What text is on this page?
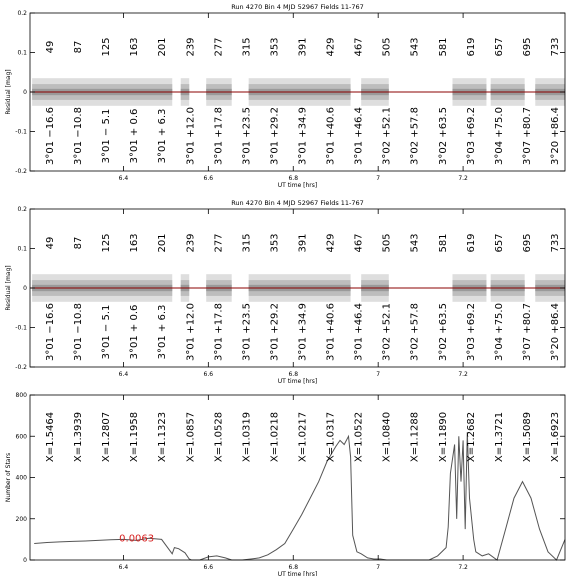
49
3°01 −16.6
87
3°01 −10.8
125
3°01 − 5.1
163
3°01 + 0.6
201
3°01 + 6.3
239
3°01 +12.0
277
3°01 +17.8
315
3°01 +23.5
353
3°01 +29.2
391
3°01 +34.9
429
3°01 +40.6
467
3°01 +46.4
505
3°02 +52.1
543
3°02 +57.8
581
3°02 +63.5
619
3°03 +69.2
657
3°04 +75.0
695
3°07 +80.7
733
3°20 +86.4
6.4	6.6	6.8	7	7.2
-0.2
-0.1
0
0.1
0.2
Run 4270 Bin 4 MJD 52967 Fields 11-767
UT time [hrs]
Residual [mag]
49
3°01 −16.6
87
3°01 −10.8
125
3°01 − 5.1
163
3°01 + 0.6
201
3°01 + 6.3
239
3°01 +12.0
277
3°01 +17.8
315
3°01 +23.5
353
3°01 +29.2
391
3°01 +34.9
429
3°01 +40.6
467
3°01 +46.4
505
3°02 +52.1
543
3°02 +57.8
581
3°02 +63.5
619
3°03 +69.2
657
3°04 +75.0
695
3°07 +80.7
733
3°20 +86.4
6.4	6.6	6.8	7	7.2
-0.2
-0.1
0
0.1
0.2
Run 4270 Bin 4 MJD 52967 Fields 11-767
UT time [hrs]
Residual [mag]
X=1.5464 X=1.3939 X=1.2807 X=1.1958 X=1.1323 X=1.0857 X=1.0528 X=1.0319 X=1.0218 X=1.0217 X=1.0317 X=1.0522 X=1.0840 X=1.1288 X=1.1890 X=1.2682 X=1.3721 X=1.5089 X=1.6923
0.0063
6.4	6.6	6.8	7	7.2
0
200
400
600
800
UT time [hrs]
Number of Stars
